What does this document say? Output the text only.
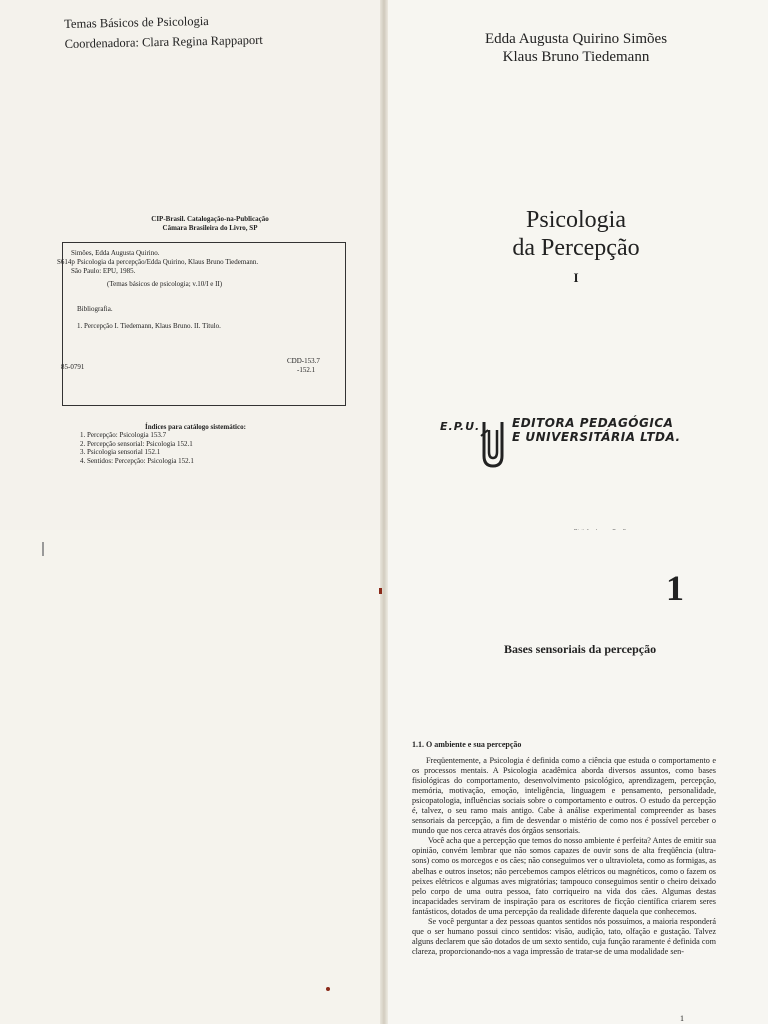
Temas Básicos de Psicologia
Coordenadora: Clara Regina Rappaport
CIP-Brasil. Catalogação-na-Publicação
Câmara Brasileira do Livro, SP
Simões, Edda Augusta Quirino.
S614p Psicologia da percepção/Edda Quirino, Klaus Bruno Tiedemann.
São Paulo: EPU, 1985.
(Temas básicos de psicologia; v.10/I e II)
Bibliografia.
1. Percepção I. Tiedemann, Klaus Bruno. II. Título.
85-0791
CDD-153.7
-152.1
Índices para catálogo sistemático:
1. Percepção: Psicologia 153.7
2. Percepção sensorial: Psicologia 152.1
3. Psicologia sensorial 152.1
4. Sentidos: Percepção: Psicologia 152.1
Edda Augusta Quirino Simões
Klaus Bruno Tiedemann
Psicologia
da Percepção
I
E.P.U.	EDITORA PEDAGÓGICA
E UNIVERSITÁRIA LTDA.
1
Bases sensoriais da percepção
1.1. O ambiente e sua percepção

Freqüentemente, a Psicologia é definida como a ciência que estuda o comportamento e os processos mentais. A Psicologia acadêmica aborda diversos assuntos, como bases fisiológicas do comportamento, desenvolvimento psicológico, aprendizagem, percepção, memória, motivação, emoção, inteligência, linguagem e pensamento, personalidade, psicopatologia, influências sociais sobre o comportamento e outros. O estudo da percepção é, talvez, o seu ramo mais antigo. Cabe à análise experimental compreender as bases sensoriais da percepção, a fim de desvendar o mistério de como nos é possível perceber o mundo que nos cerca através dos órgãos sensoriais.

Você acha que a percepção que temos do nosso ambiente é perfeita? Antes de emitir sua opinião, convém lembrar que não somos capazes de ouvir sons de alta freqüência (ultra-sons) como os morcegos e os cães; não conseguimos ver o ultravioleta, como as formigas, as abelhas e outros insetos; não percebemos campos elétricos ou magnéticos, como o fazem os peixes elétricos e algumas aves migratórias; tampouco conseguimos sentir o cheiro deixado pelo corpo de uma outra pessoa, fato corriqueiro na vida dos cães. Algumas destas incapacidades serviram de inspiração para os escritores de ficção científica criarem seres fantásticos, dotados de uma percepção da realidade diferente daquela que conhecemos.

Se você perguntar a dez pessoas quantos sentidos nós possuímos, a maioria responderá que o ser humano possui cinco sentidos: visão, audição, tato, olfação e gustação. Talvez alguns declarem que são dotados de um sexto sentido, cuja função raramente é definida com clareza, proporcionando-nos a vaga impressão de tratar-se de uma modalidade sen-

1
